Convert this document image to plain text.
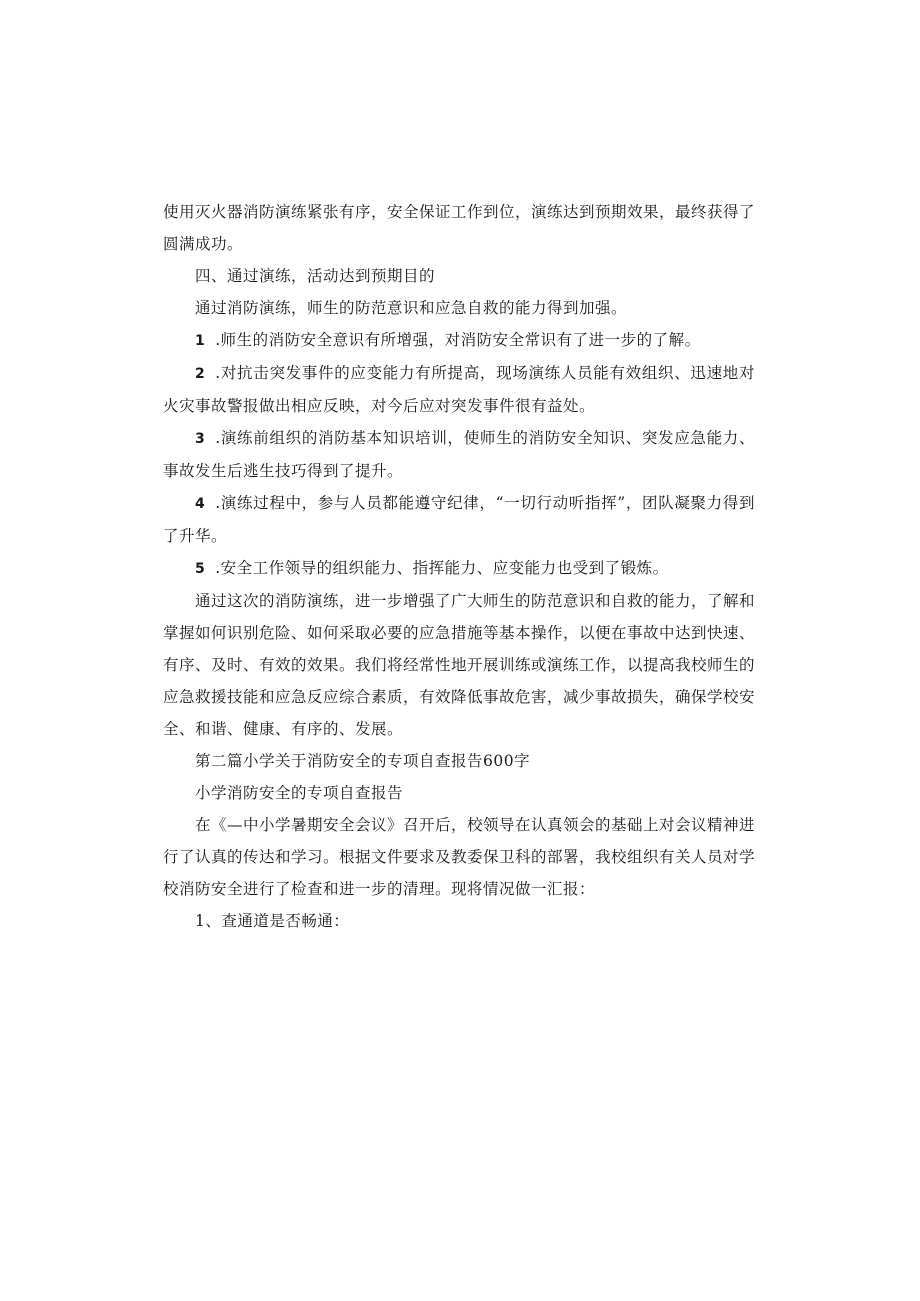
使用灭火器消防演练紧张有序，安全保证工作到位，演练达到预期效果，最终获得了圆满成功。

四、通过演练，活动达到预期目的

通过消防演练，师生的防范意识和应急自救的能力得到加强。

1 .师生的消防安全意识有所增强，对消防安全常识有了进一步的了解。

2 .对抗击突发事件的应变能力有所提高，现场演练人员能有效组织、迅速地对火灾事故警报做出相应反映，对今后应对突发事件很有益处。

3 .演练前组织的消防基本知识培训，使师生的消防安全知识、突发应急能力、事故发生后逃生技巧得到了提升。

4 .演练过程中，参与人员都能遵守纪律，“一切行动听指挥”，团队凝聚力得到了升华。

5 .安全工作领导的组织能力、指挥能力、应变能力也受到了锻炼。

通过这次的消防演练，进一步增强了广大师生的防范意识和自救的能力，了解和掌握如何识别危险、如何采取必要的应急措施等基本操作，以便在事故中达到快速、有序、及时、有效的效果。我们将经常性地开展训练或演练工作，以提高我校师生的应急救援技能和应急反应综合素质，有效降低事故危害，减少事故损失，确保学校安全、和谐、健康、有序的、发展。

第二篇小学关于消防安全的专项自查报告600字

小学消防安全的专项自查报告

在《—中小学暑期安全会议》召开后，校领导在认真领会的基础上对会议精神进行了认真的传达和学习。根据文件要求及教委保卫科的部署，我校组织有关人员对学校消防安全进行了检查和进一步的清理。现将情况做一汇报：

1、查通道是否畅通：
